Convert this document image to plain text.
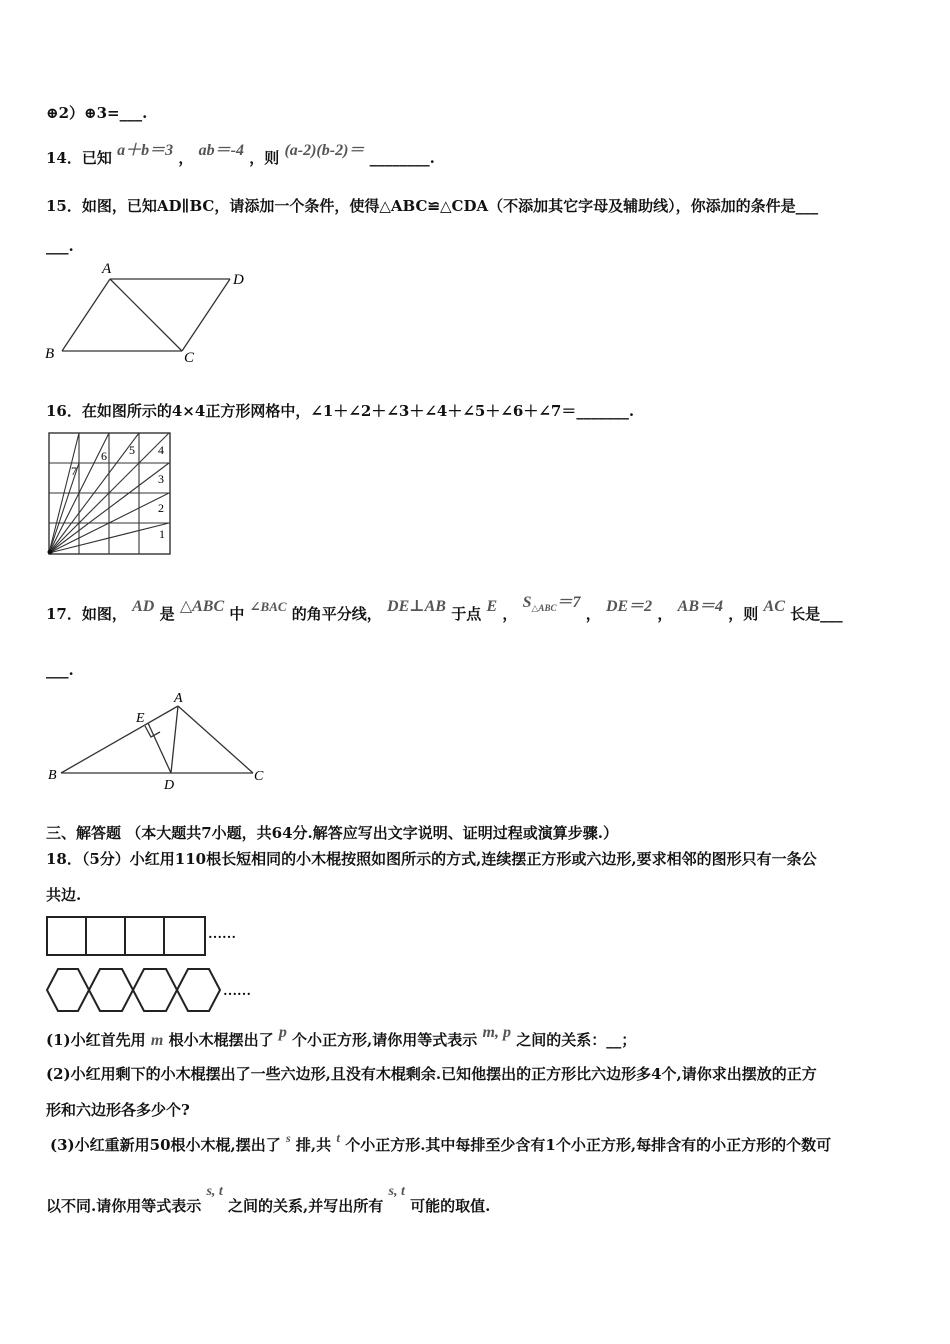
⊕2）⊕3=___.
14．已知 a＋b＝3 ， ab＝-4 ，则 (a-2)(b-2)＝ ________.
15．如图，已知AD∥BC，请添加一个条件，使得△ABC≌△CDA（不添加其它字母及辅助线），你添加的条件是___
___.
A
D
B	C
16．在如图所示的4×4正方形网格中，∠1＋∠2＋∠3＋∠4＋∠5＋∠6＋∠7＝_______.
1
2
3
4
5
6
7
17．如图， AD 是 △ABC 中 ∠BAC 的角平分线， DE⊥AB 于点 E ， $S_{\triangle ABC}=7$ ， DE＝2 ， AB＝4 ，则 AC 长是___
___.
A
E
B
D
C
三、解答题 （本大题共7小题，共64分.解答应写出文字说明、证明过程或演算步骤.）
18．（5分）小红用110根长短相同的小木棍按照如图所示的方式,连续摆正方形或六边形,要求相邻的图形只有一条公
共边.
……
……
(1)小红首先用 m 根小木棍摆出了 p 个小正方形,请你用等式表示 m, p 之间的关系：__；
(2)小红用剩下的小木棍摆出了一些六边形,且没有木棍剩余.已知他摆出的正方形比六边形多4个,请你求出摆放的正方
形和六边形各多少个?
(3)小红重新用50根小木棍,摆出了 $^s$ 排,共 t 个小正方形.其中每排至少含有1个小正方形,每排含有的小正方形的个数可
以不同.请你用等式表示 s, t 之间的关系,并写出所有 s, t 可能的取值.
